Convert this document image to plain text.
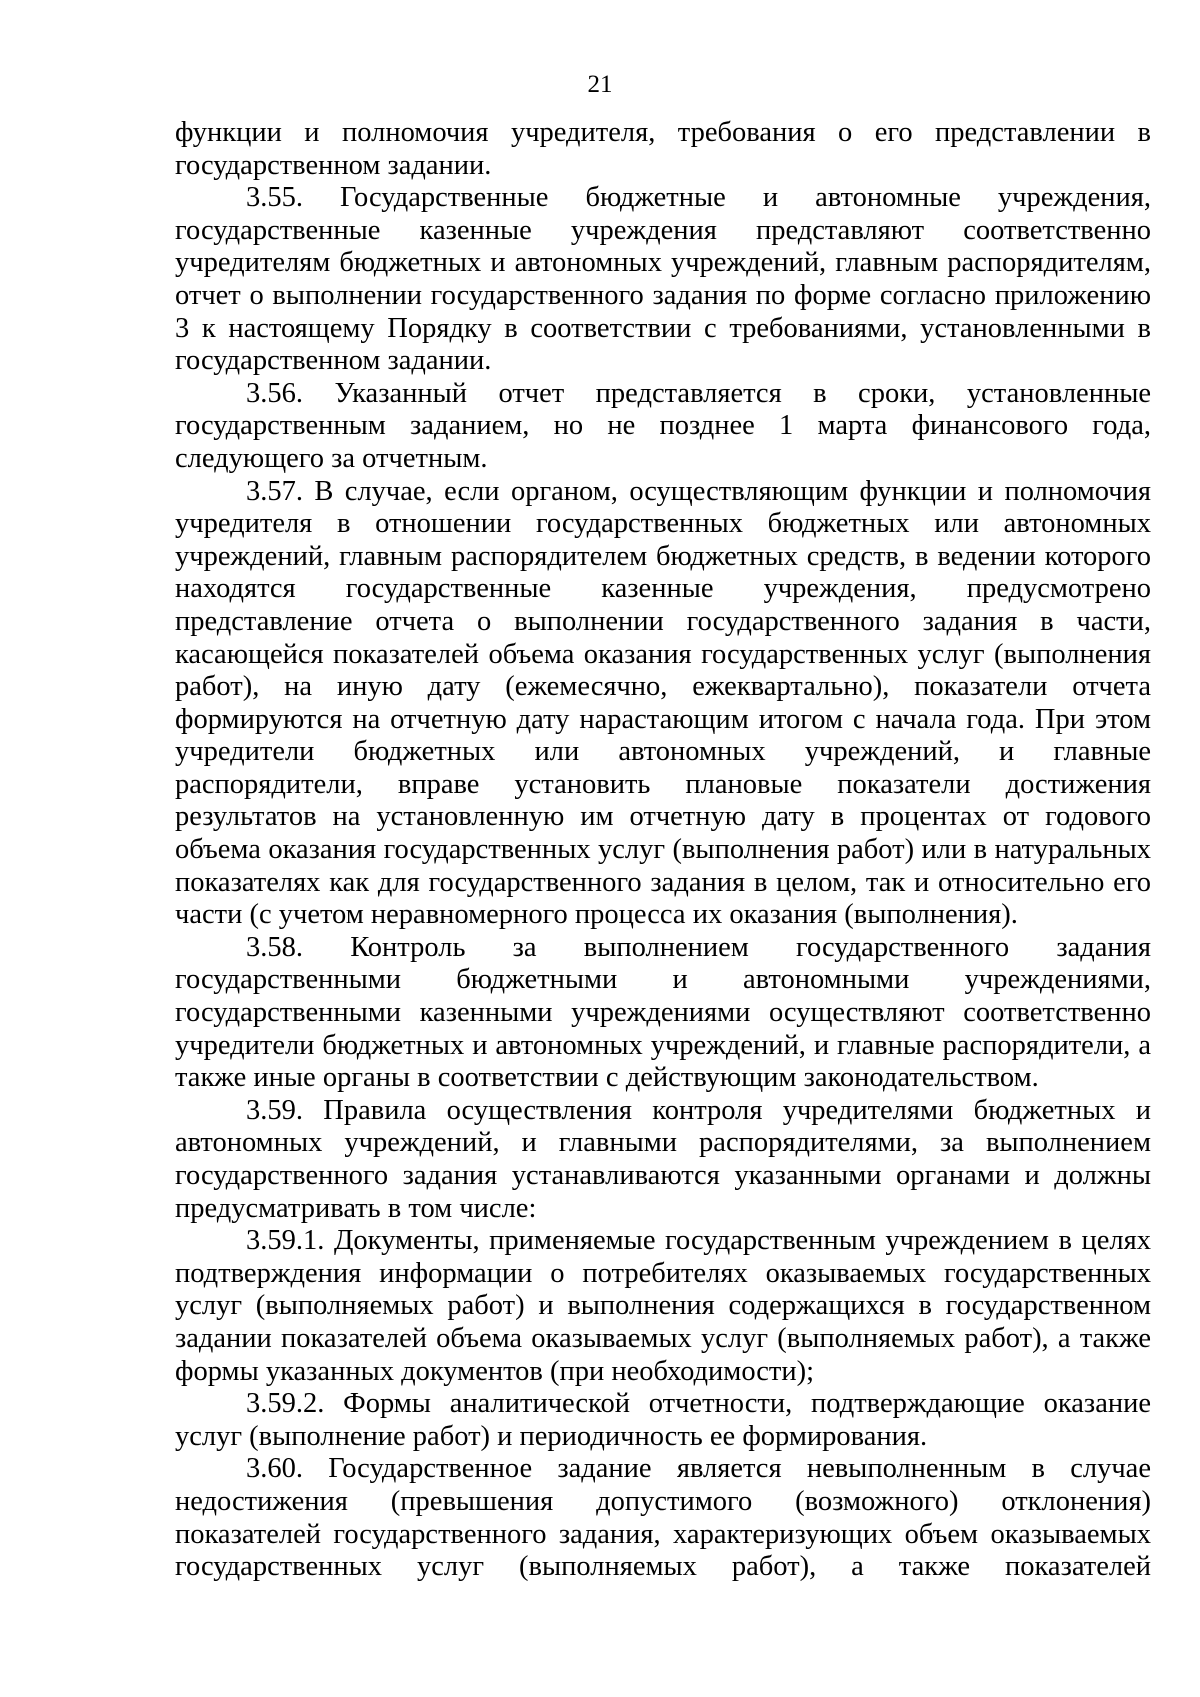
21

функции и полномочия учредителя, требования о его представлении в государственном задании.

3.55. Государственные бюджетные и автономные учреждения, государственные казенные учреждения представляют соответственно учредителям бюджетных и автономных учреждений, главным распорядителям, отчет о выполнении государственного задания по форме согласно приложению 3 к настоящему Порядку в соответствии с требованиями, установленными в государственном задании.

3.56. Указанный отчет представляется в сроки, установленные государственным заданием, но не позднее 1 марта финансового года, следующего за отчетным.

3.57. В случае, если органом, осуществляющим функции и полномочия учредителя в отношении государственных бюджетных или автономных учреждений, главным распорядителем бюджетных средств, в ведении которого находятся государственные казенные учреждения, предусмотрено представление отчета о выполнении государственного задания в части, касающейся показателей объема оказания государственных услуг (выполнения работ), на иную дату (ежемесячно, ежеквартально), показатели отчета формируются на отчетную дату нарастающим итогом с начала года. При этом учредители бюджетных или автономных учреждений, и главные распорядители, вправе установить плановые показатели достижения результатов на установленную им отчетную дату в процентах от годового объема оказания государственных услуг (выполнения работ) или в натуральных показателях как для государственного задания в целом, так и относительно его части (с учетом неравномерного процесса их оказания (выполнения).

3.58. Контроль за выполнением государственного задания государственными бюджетными и автономными учреждениями, государственными казенными учреждениями осуществляют соответственно учредители бюджетных и автономных учреждений, и главные распорядители, а также иные органы в соответствии с действующим законодательством.

3.59. Правила осуществления контроля учредителями бюджетных и автономных учреждений, и главными распорядителями, за выполнением государственного задания устанавливаются указанными органами и должны предусматривать в том числе:

3.59.1. Документы, применяемые государственным учреждением в целях подтверждения информации о потребителях оказываемых государственных услуг (выполняемых работ) и выполнения содержащихся в государственном задании показателей объема оказываемых услуг (выполняемых работ), а также формы указанных документов (при необходимости);

3.59.2. Формы аналитической отчетности, подтверждающие оказание услуг (выполнение работ) и периодичность ее формирования.

3.60. Государственное задание является невыполненным в случае недостижения (превышения допустимого (возможного) отклонения) показателей государственного задания, характеризующих объем оказываемых государственных услуг (выполняемых работ), а также показателей
